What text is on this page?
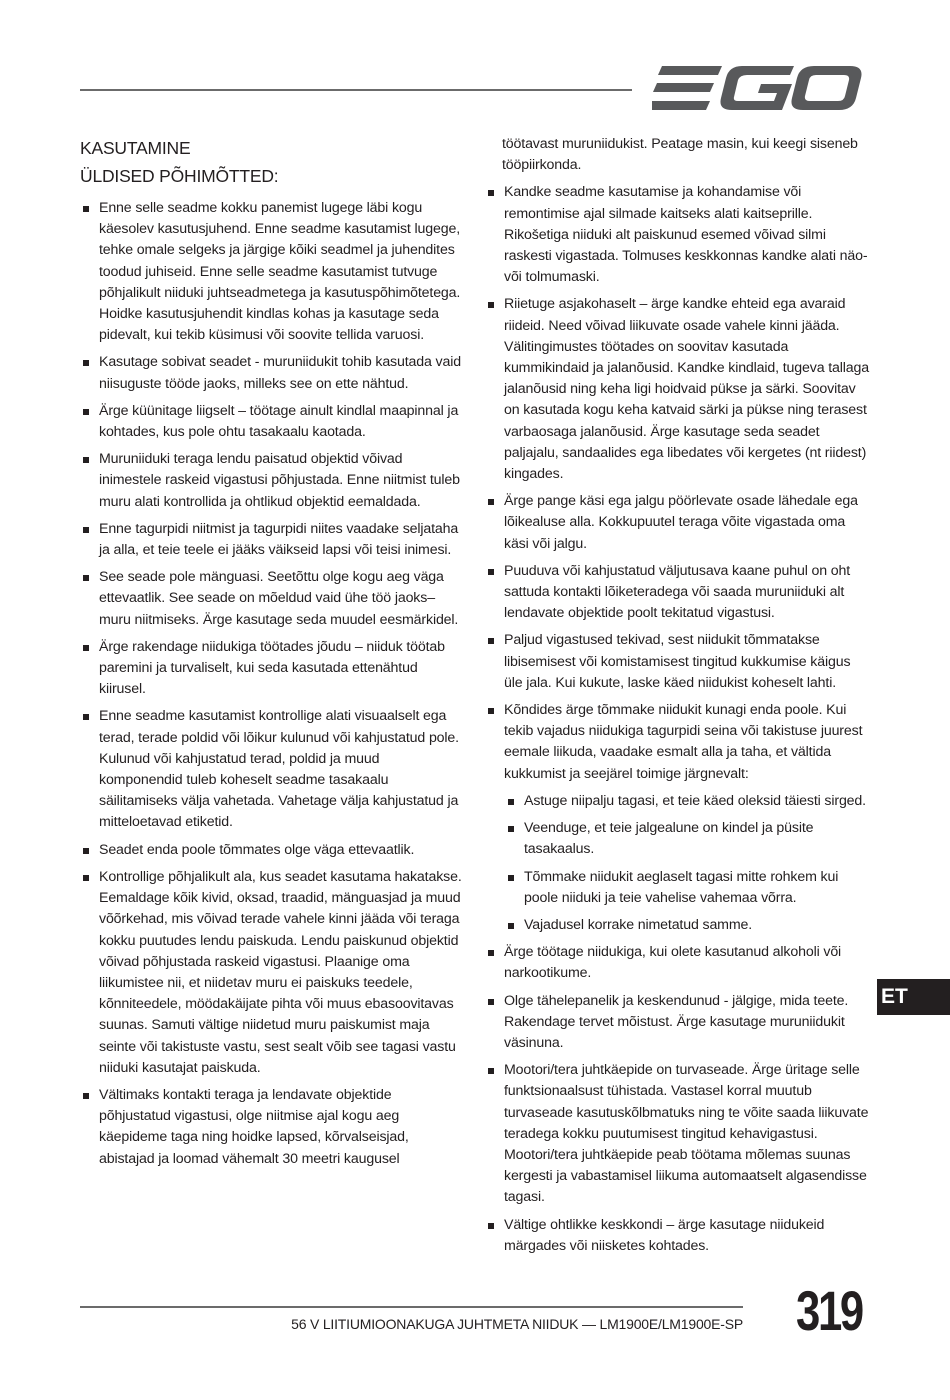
KASUTAMINE
ÜLDISED PÕHIMÕTTED:
Enne selle seadme kokku panemist lugege läbi kogu käesolev kasutusjuhend. Enne seadme kasutamist lugege, tehke omale selgeks ja järgige kõiki seadmel ja juhendites toodud juhiseid. Enne selle seadme kasutamist tutvuge põhjalikult niiduki juhtseadmetega ja kasutuspõhimõtetega. Hoidke kasutusjuhendit kindlas kohas ja kasutage seda pidevalt, kui tekib küsimusi või soovite tellida varuosi.
Kasutage sobivat seadet - muruniidukit tohib kasutada vaid niisuguste tööde jaoks, milleks see on ette nähtud.
Ärge küünitage liigselt – töötage ainult kindlal maapinnal ja kohtades, kus pole ohtu tasakaalu kaotada.
Muruniiduki teraga lendu paisatud objektid võivad inimestele raskeid vigastusi põhjustada. Enne niitmist tuleb muru alati kontrollida ja ohtlikud objektid eemaldada.
Enne tagurpidi niitmist ja tagurpidi niites vaadake seljataha ja alla, et teie teele ei jääks väikseid lapsi või teisi inimesi.
See seade pole mänguasi. Seetõttu olge kogu aeg väga ettevaatlik. See seade on mõeldud vaid ühe töö jaoks–muru niitmiseks. Ärge kasutage seda muudel eesmärkidel.
Ärge rakendage niidukiga töötades jõudu – niiduk töötab paremini ja turvaliselt, kui seda kasutada ettenähtud kiirusel.
Enne seadme kasutamist kontrollige alati visuaalselt ega terad, terade poldid või lõikur kulunud või kahjustatud pole. Kulunud või kahjustatud terad, poldid ja muud komponendid tuleb koheselt seadme tasakaalu säilitamiseks välja vahetada. Vahetage välja kahjustatud ja mitteloetavad etiketid.
Seadet enda poole tõmmates olge väga ettevaatlik.
Kontrollige põhjalikult ala, kus seadet kasutama hakatakse. Eemaldage kõik kivid, oksad, traadid, mänguasjad ja muud võõrkehad, mis võivad terade vahele kinni jääda või teraga kokku puutudes lendu paiskuda. Lendu paiskunud objektid võivad põhjustada raskeid vigastusi. Plaanige oma liikumistee nii, et niidetav muru ei paiskuks teedele, kõnniteedele, möödakäijate pihta või muus ebasoovitavas suunas. Samuti vältige niidetud muru paiskumist maja seinte või takistuste vastu, sest sealt võib see tagasi vastu niiduki kasutajat paiskuda.
Vältimaks kontakti teraga ja lendavate objektide põhjustatud vigastusi, olge niitmise ajal kogu aeg käepideme taga ning hoidke lapsed, kõrvalseisjad, abistajad ja loomad vähemalt 30 meetri kaugusel
töötavast muruniidukist. Peatage masin, kui keegi siseneb tööpiirkonda.
Kandke seadme kasutamise ja kohandamise või remontimise ajal silmade kaitseks alati kaitseprille. Rikošetiga niiduki alt paiskunud esemed võivad silmi raskesti vigastada. Tolmuses keskkonnas kandke alati näo- või tolmumaski.
Riietuge asjakohaselt – ärge kandke ehteid ega avaraid riideid. Need võivad liikuvate osade vahele kinni jääda. Välitingimustes töötades on soovitav kasutada kummikindaid ja jalanõusid. Kandke kindlaid, tugeva tallaga jalanõusid ning keha ligi hoidvaid pükse ja särki. Soovitav on kasutada kogu keha katvaid särki ja pükse ning terasest varbaosaga jalanõusid. Ärge kasutage seda seadet paljajalu, sandaalides ega libedates või kergetes (nt riidest) kingades.
Ärge pange käsi ega jalgu pöörlevate osade lähedale ega lõikealuse alla. Kokkupuutel teraga võite vigastada oma käsi või jalgu.
Puuduva või kahjustatud väljutusava kaane puhul on oht sattuda kontakti lõiketeradega või saada muruniiduki alt lendavate objektide poolt tekitatud vigastusi.
Paljud vigastused tekivad, sest niidukit tõmmatakse libisemisest või komistamisest tingitud kukkumise käigus üle jala. Kui kukute, laske käed niidukist koheselt lahti.
Kõndides ärge tõmmake niidukit kunagi enda poole. Kui tekib vajadus niidukiga tagurpidi seina või takistuse juurest eemale liikuda, vaadake esmalt alla ja taha, et vältida kukkumist ja seejärel toimige järgnevalt:
Astuge niipalju tagasi, et teie käed oleksid täiesti sirged.
Veenduge, et teie jalgealune on kindel ja püsite tasakaalus.
Tõmmake niidukit aeglaselt tagasi mitte rohkem kui poole niiduki ja teie vahelise vahemaa võrra.
Vajadusel korrake nimetatud samme.
Ärge töötage niidukiga, kui olete kasutanud alkoholi või narkootikume.
Olge tähelepanelik ja keskendunud - jälgige, mida teete. Rakendage tervet mõistust. Ärge kasutage muruniidukit väsinuna.
Mootori/tera juhtkäepide on turvaseade. Ärge üritage selle funktsionaalsust tühistada. Vastasel korral muutub turvaseade kasutuskõlbmatuks ning te võite saada liikuvate teradega kokku puutumisest tingitud kehavigastusi. Mootori/tera juhtkäepide peab töötama mõlemas suunas kergesti ja vabastamisel liikuma automaatselt algasendisse tagasi.
Vältige ohtlikke keskkondi – ärge kasutage niidukeid märgades või niisketes kohtades.
ET
56 V LIITIUMIOONAKUGA JUHTMETA NIIDUK — LM1900E/LM1900E-SP 319
